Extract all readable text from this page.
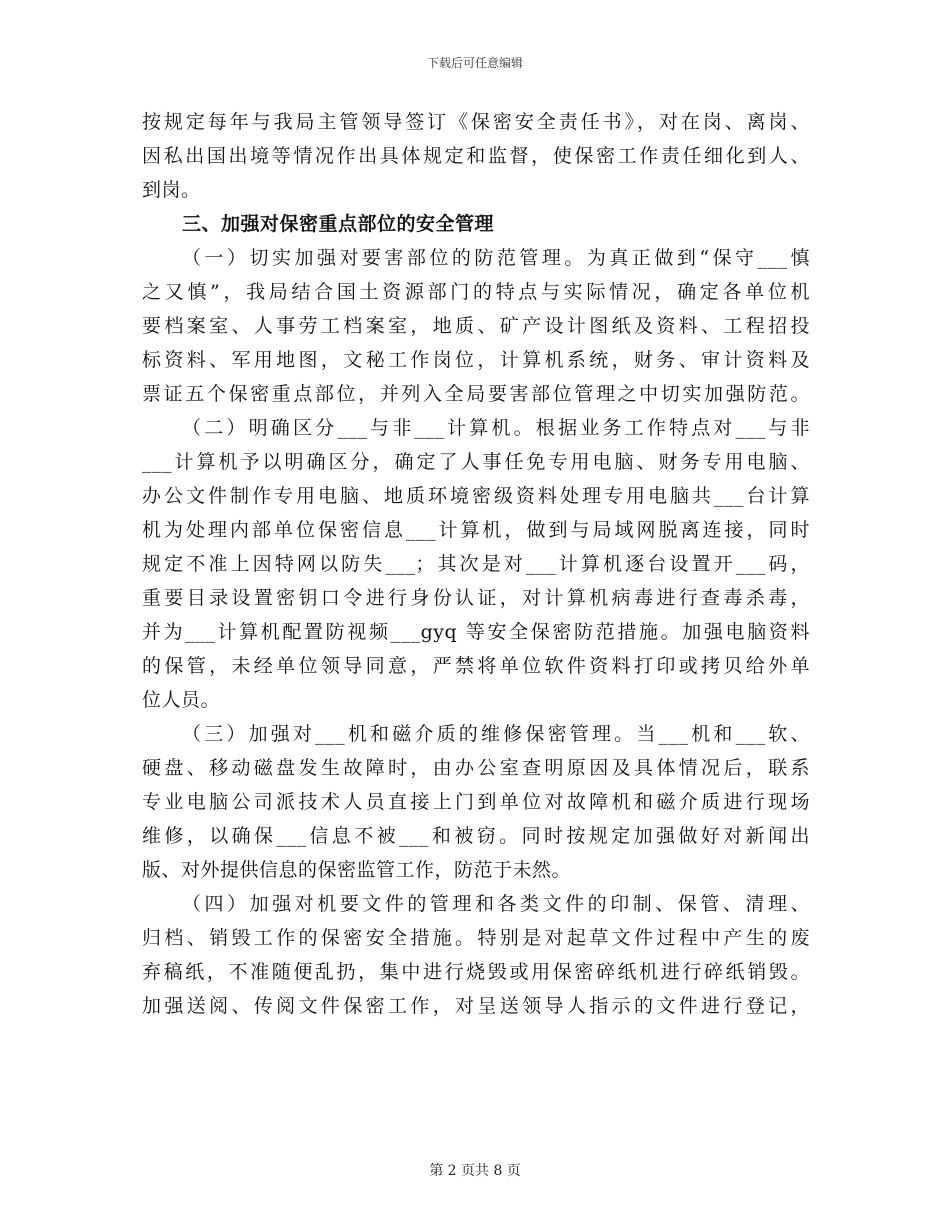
下载后可任意编辑
按规定每年与我局主管领导签订《保密安全责任书》，对在岗、离岗、
因私出国出境等情况作出具体规定和监督，使保密工作责任细化到人、
到岗。
三、加强对保密重点部位的安全管理
（一）切实加强对要害部位的防范管理。为真正做到“保守___慎
之又慎”，我局结合国土资源部门的特点与实际情况，确定各单位机
要档案室、人事劳工档案室，地质、矿产设计图纸及资料、工程招投
标资料、军用地图，文秘工作岗位，计算机系统，财务、审计资料及
票证五个保密重点部位，并列入全局要害部位管理之中切实加强防范。
（二）明确区分___与非___计算机。根据业务工作特点对___与非
___计算机予以明确区分，确定了人事任免专用电脑、财务专用电脑、
办公文件制作专用电脑、地质环境密级资料处理专用电脑共___台计算
机为处理内部单位保密信息___计算机，做到与局域网脱离连接，同时
规定不准上因特网以防失___；其次是对___计算机逐台设置开___码，
重要目录设置密钥口令进行身份认证，对计算机病毒进行查毒杀毒，
并为___计算机配置防视频___gyq 等安全保密防范措施。加强电脑资料
的保管，未经单位领导同意，严禁将单位软件资料打印或拷贝给外单
位人员。
（三）加强对___机和磁介质的维修保密管理。当___机和___软、
硬盘、移动磁盘发生故障时，由办公室查明原因及具体情况后，联系
专业电脑公司派技术人员直接上门到单位对故障机和磁介质进行现场
维修，以确保___信息不被___和被窃。同时按规定加强做好对新闻出
版、对外提供信息的保密监管工作，防范于未然。
（四）加强对机要文件的管理和各类文件的印制、保管、清理、
归档、销毁工作的保密安全措施。特别是对起草文件过程中产生的废
弃稿纸，不准随便乱扔，集中进行烧毁或用保密碎纸机进行碎纸销毁。
加强送阅、传阅文件保密工作，对呈送领导人指示的文件进行登记，
第 2 页共 8 页
